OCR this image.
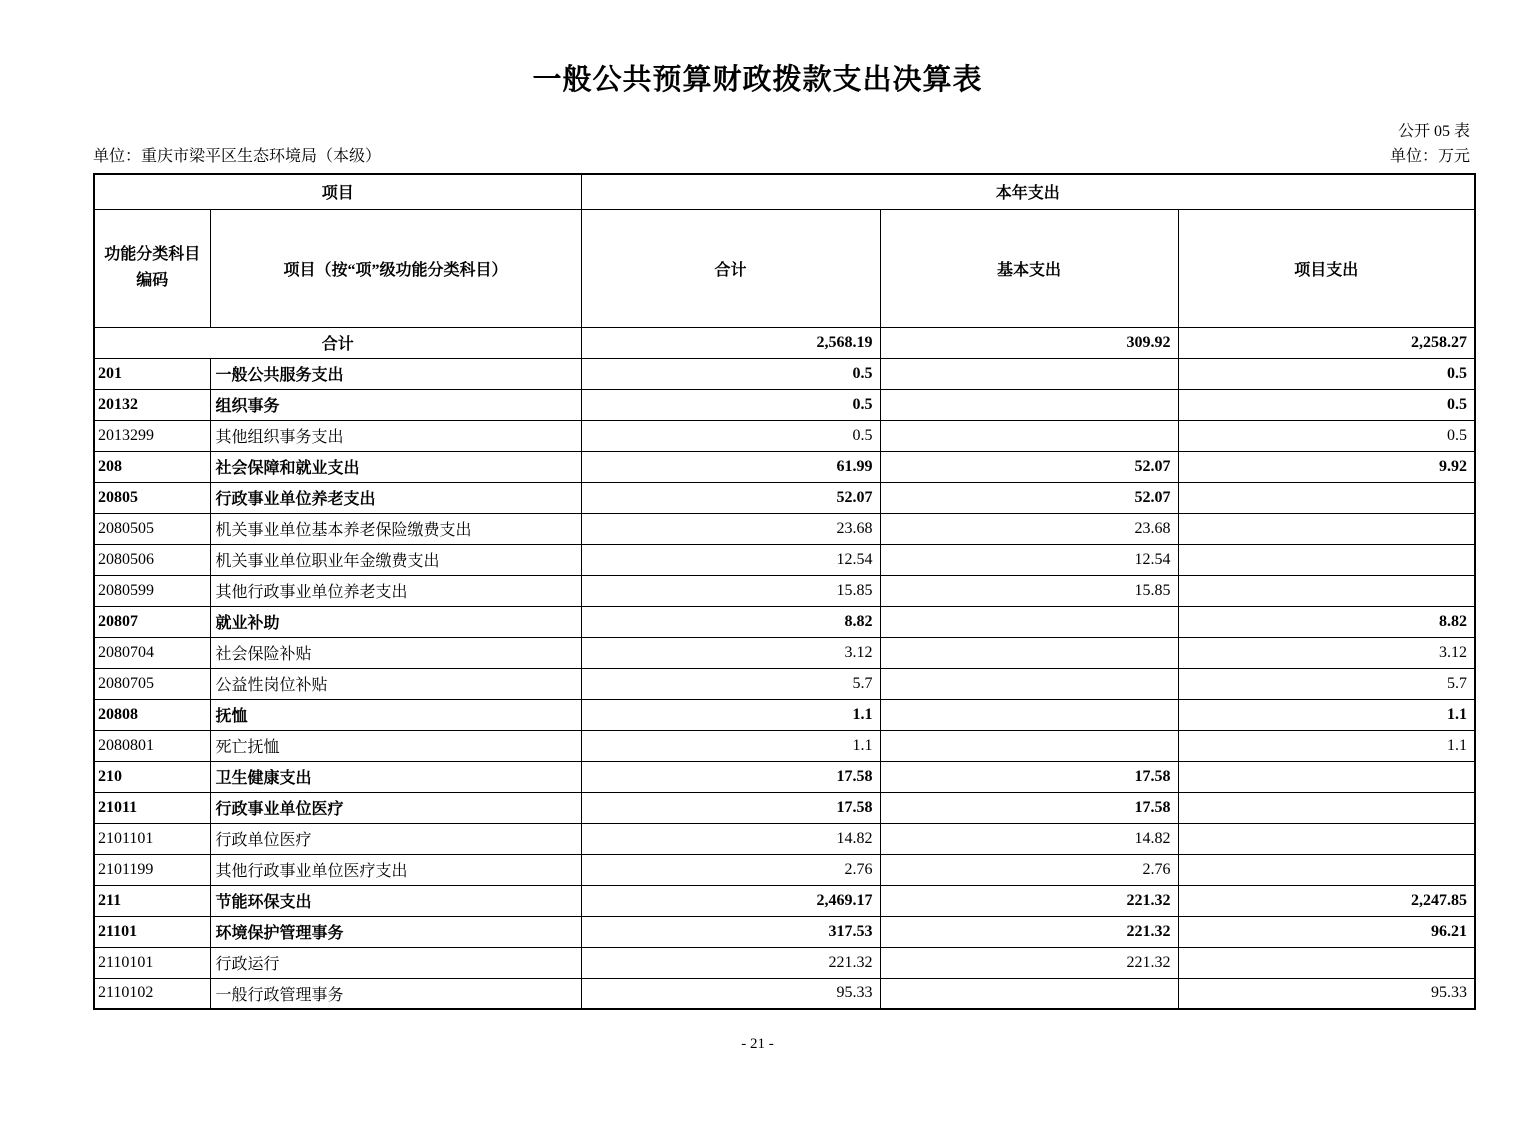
一般公共预算财政拨款支出决算表
公开 05 表
单位：重庆市梁平区生态环境局（本级）	单位：万元
项目		本年支出		

功能分类科目
编码	项目（按“项”级功能分类科目）	合计	基本支出	项目支出
合计		2,568.19	309.92	2,258.27
201	一般公共服务支出	0.5		0.5
20132	组织事务	0.5		0.5
2013299	其他组织事务支出	0.5		0.5
208	社会保障和就业支出	61.99	52.07	9.92
20805	行政事业单位养老支出	52.07	52.07	
2080505	机关事业单位基本养老保险缴费支出	23.68	23.68	
2080506	机关事业单位职业年金缴费支出	12.54	12.54	
2080599	其他行政事业单位养老支出	15.85	15.85	
20807	就业补助	8.82		8.82
2080704	社会保险补贴	3.12		3.12
2080705	公益性岗位补贴	5.7		5.7
20808	抚恤	1.1		1.1
2080801	死亡抚恤	1.1		1.1
210	卫生健康支出	17.58	17.58	
21011	行政事业单位医疗	17.58	17.58	
2101101	行政单位医疗	14.82	14.82	
2101199	其他行政事业单位医疗支出	2.76	2.76	
211	节能环保支出	2,469.17	221.32	2,247.85
21101	环境保护管理事务	317.53	221.32	96.21
2110101	行政运行	221.32	221.32	
2110102	一般行政管理事务	95.33		95.33
- 21 -
